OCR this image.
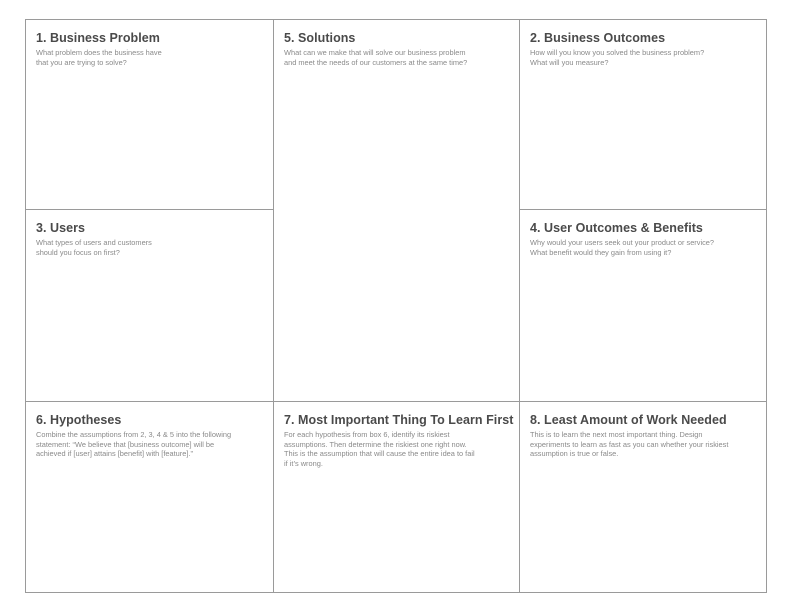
1. Business Problem
What problem does the business have
that you are trying to solve?
5. Solutions
What can we make that will solve our business problem
and meet the needs of our customers at the same time?
2. Business Outcomes
How will you know you solved the business problem?
What will you measure?
3. Users
What types of users and customers
should you focus on first?
4. User Outcomes & Benefits
Why would your users seek out your product or service?
What benefit would they gain from using it?
6. Hypotheses
Combine the assumptions from 2, 3, 4 & 5 into the following
statement: “We believe that [business outcome] will be
achieved if [user] attains [benefit] with [feature].”
7. Most Important Thing To Learn First
For each hypothesis from box 6, identify its riskiest
assumptions. Then determine the riskiest one right now.
This is the assumption that will cause the entire idea to fail
if it’s wrong.
8. Least Amount of Work Needed
This is to learn the next most important thing. Design
experiments to learn as fast as you can whether your riskiest
assumption is true or false.
